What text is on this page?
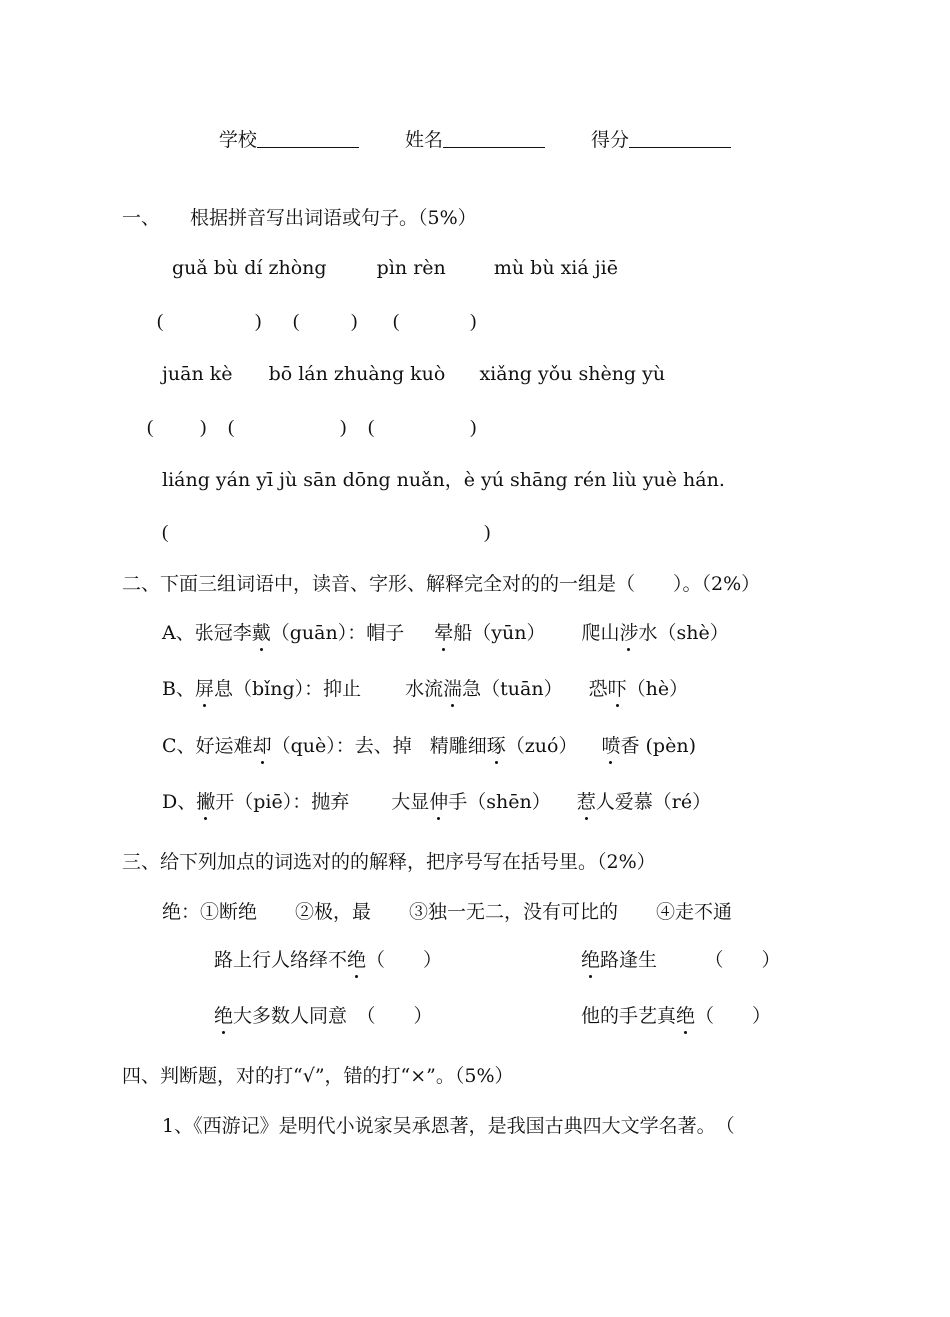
学校	姓名	得分
一、 根据拼音写出词语或句子。（5%）
guǎ bù dí zhòng	pìn rèn	mù bù xiá jiē
(	) (	) (	)
juān kè bō lán zhuàng kuò xiǎng yǒu shèng yù
( ) (	) (	)
liáng yán yī jù sān dōng nuǎn，è yú shāng rén liù yuè hán.
(	)
二、下面三组词语中，读音、字形、解释完全对的的一组是（　　）。（2%）
A、张冠李戴（guān）：帽子 晕船（yūn） 爬山涉水（shè）
B、屏息（bǐng）：抑止 水流湍急（tuān） 恐吓（hè）
C、好运难却（què）：去、掉 精雕细琢（zuó） 喷香 (pèn)
D、撇开（piē）：抛弃 大显伸手（shēn） 惹人爱慕（ré）
三、给下列加点的词选对的的解释，把序号写在括号里。（2%）
绝：①断绝　　②极，最　　③独一无二，没有可比的　　④走不通
路上行人络绎不绝（　　）	绝路逢生　　　（　　）
绝大多数人同意　（　　）	他的手艺真绝（　　）
四、判断题，对的打“√”，错的打“×”。（5%）
1、《西游记》是明代小说家吴承恩著，是我国古典四大文学名著。　（
